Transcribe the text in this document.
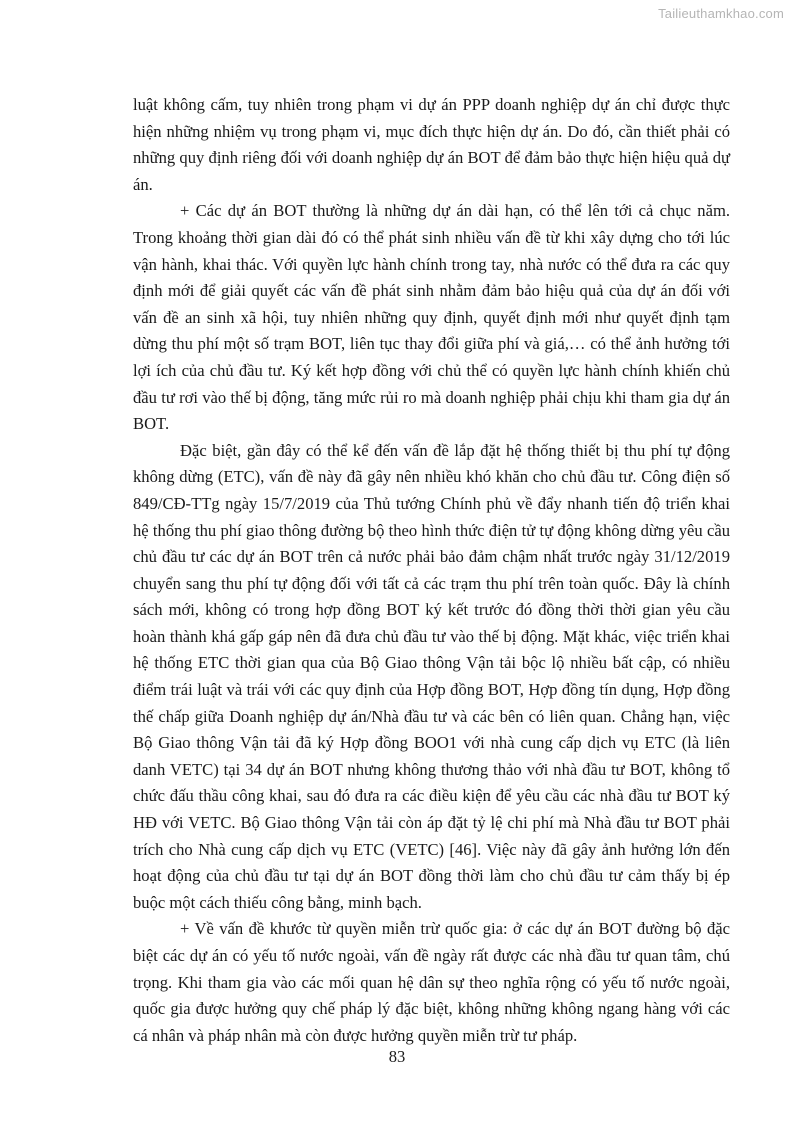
Tailieuthamkhao.com

luật không cấm, tuy nhiên trong phạm vi dự án PPP doanh nghiệp dự án chỉ được thực hiện những nhiệm vụ trong phạm vi, mục đích thực hiện dự án. Do đó, cần thiết phải có những quy định riêng đối với doanh nghiệp dự án BOT để đảm bảo thực hiện hiệu quả dự án.

+ Các dự án BOT thường là những dự án dài hạn, có thể lên tới cả chục năm. Trong khoảng thời gian dài đó có thể phát sinh nhiều vấn đề từ khi xây dựng cho tới lúc vận hành, khai thác. Với quyền lực hành chính trong tay, nhà nước có thể đưa ra các quy định mới để giải quyết các vấn đề phát sinh nhằm đảm bảo hiệu quả của dự án đối với vấn đề an sinh xã hội, tuy nhiên những quy định, quyết định mới như quyết định tạm dừng thu phí một số trạm BOT, liên tục thay đổi giữa phí và giá,… có thể ảnh hưởng tới lợi ích của chủ đầu tư. Ký kết hợp đồng với chủ thể có quyền lực hành chính khiến chủ đầu tư rơi vào thế bị động, tăng mức rủi ro mà doanh nghiệp phải chịu khi tham gia dự án BOT.

Đặc biệt, gần đây có thể kể đến vấn đề lắp đặt hệ thống thiết bị thu phí tự động không dừng (ETC), vấn đề này đã gây nên nhiều khó khăn cho chủ đầu tư. Công điện số 849/CĐ-TTg ngày 15/7/2019 của Thủ tướng Chính phủ về đẩy nhanh tiến độ triển khai hệ thống thu phí giao thông đường bộ theo hình thức điện tử tự động không dừng yêu cầu chủ đầu tư các dự án BOT trên cả nước phải bảo đảm chậm nhất trước ngày 31/12/2019 chuyển sang thu phí tự động đối với tất cả các trạm thu phí trên toàn quốc. Đây là chính sách mới, không có trong hợp đồng BOT ký kết trước đó đồng thời thời gian yêu cầu hoàn thành khá gấp gáp nên đã đưa chủ đầu tư vào thế bị động. Mặt khác, việc triển khai hệ thống ETC thời gian qua của Bộ Giao thông Vận tải bộc lộ nhiều bất cập, có nhiều điểm trái luật và trái với các quy định của Hợp đồng BOT, Hợp đồng tín dụng, Hợp đồng thế chấp giữa Doanh nghiệp dự án/Nhà đầu tư và các bên có liên quan. Chẳng hạn, việc Bộ Giao thông Vận tải đã ký Hợp đồng BOO1 với nhà cung cấp dịch vụ ETC (là liên danh VETC) tại 34 dự án BOT nhưng không thương thảo với nhà đầu tư BOT, không tổ chức đấu thầu công khai, sau đó đưa ra các điều kiện để yêu cầu các nhà đầu tư BOT ký HĐ với VETC. Bộ Giao thông Vận tải còn áp đặt tỷ lệ chi phí mà Nhà đầu tư BOT phải trích cho Nhà cung cấp dịch vụ ETC (VETC) [46]. Việc này đã gây ảnh hưởng lớn đến hoạt động của chủ đầu tư tại dự án BOT đồng thời làm cho chủ đầu tư cảm thấy bị ép buộc một cách thiếu công bằng, minh bạch.

+ Về vấn đề khước từ quyền miễn trừ quốc gia: ở các dự án BOT đường bộ đặc biệt các dự án có yếu tố nước ngoài, vấn đề ngày rất được các nhà đầu tư quan tâm, chú trọng. Khi tham gia vào các mối quan hệ dân sự theo nghĩa rộng có yếu tố nước ngoài, quốc gia được hưởng quy chế pháp lý đặc biệt, không những không ngang hàng với các cá nhân và pháp nhân mà còn được hưởng quyền miễn trừ tư pháp.

83
